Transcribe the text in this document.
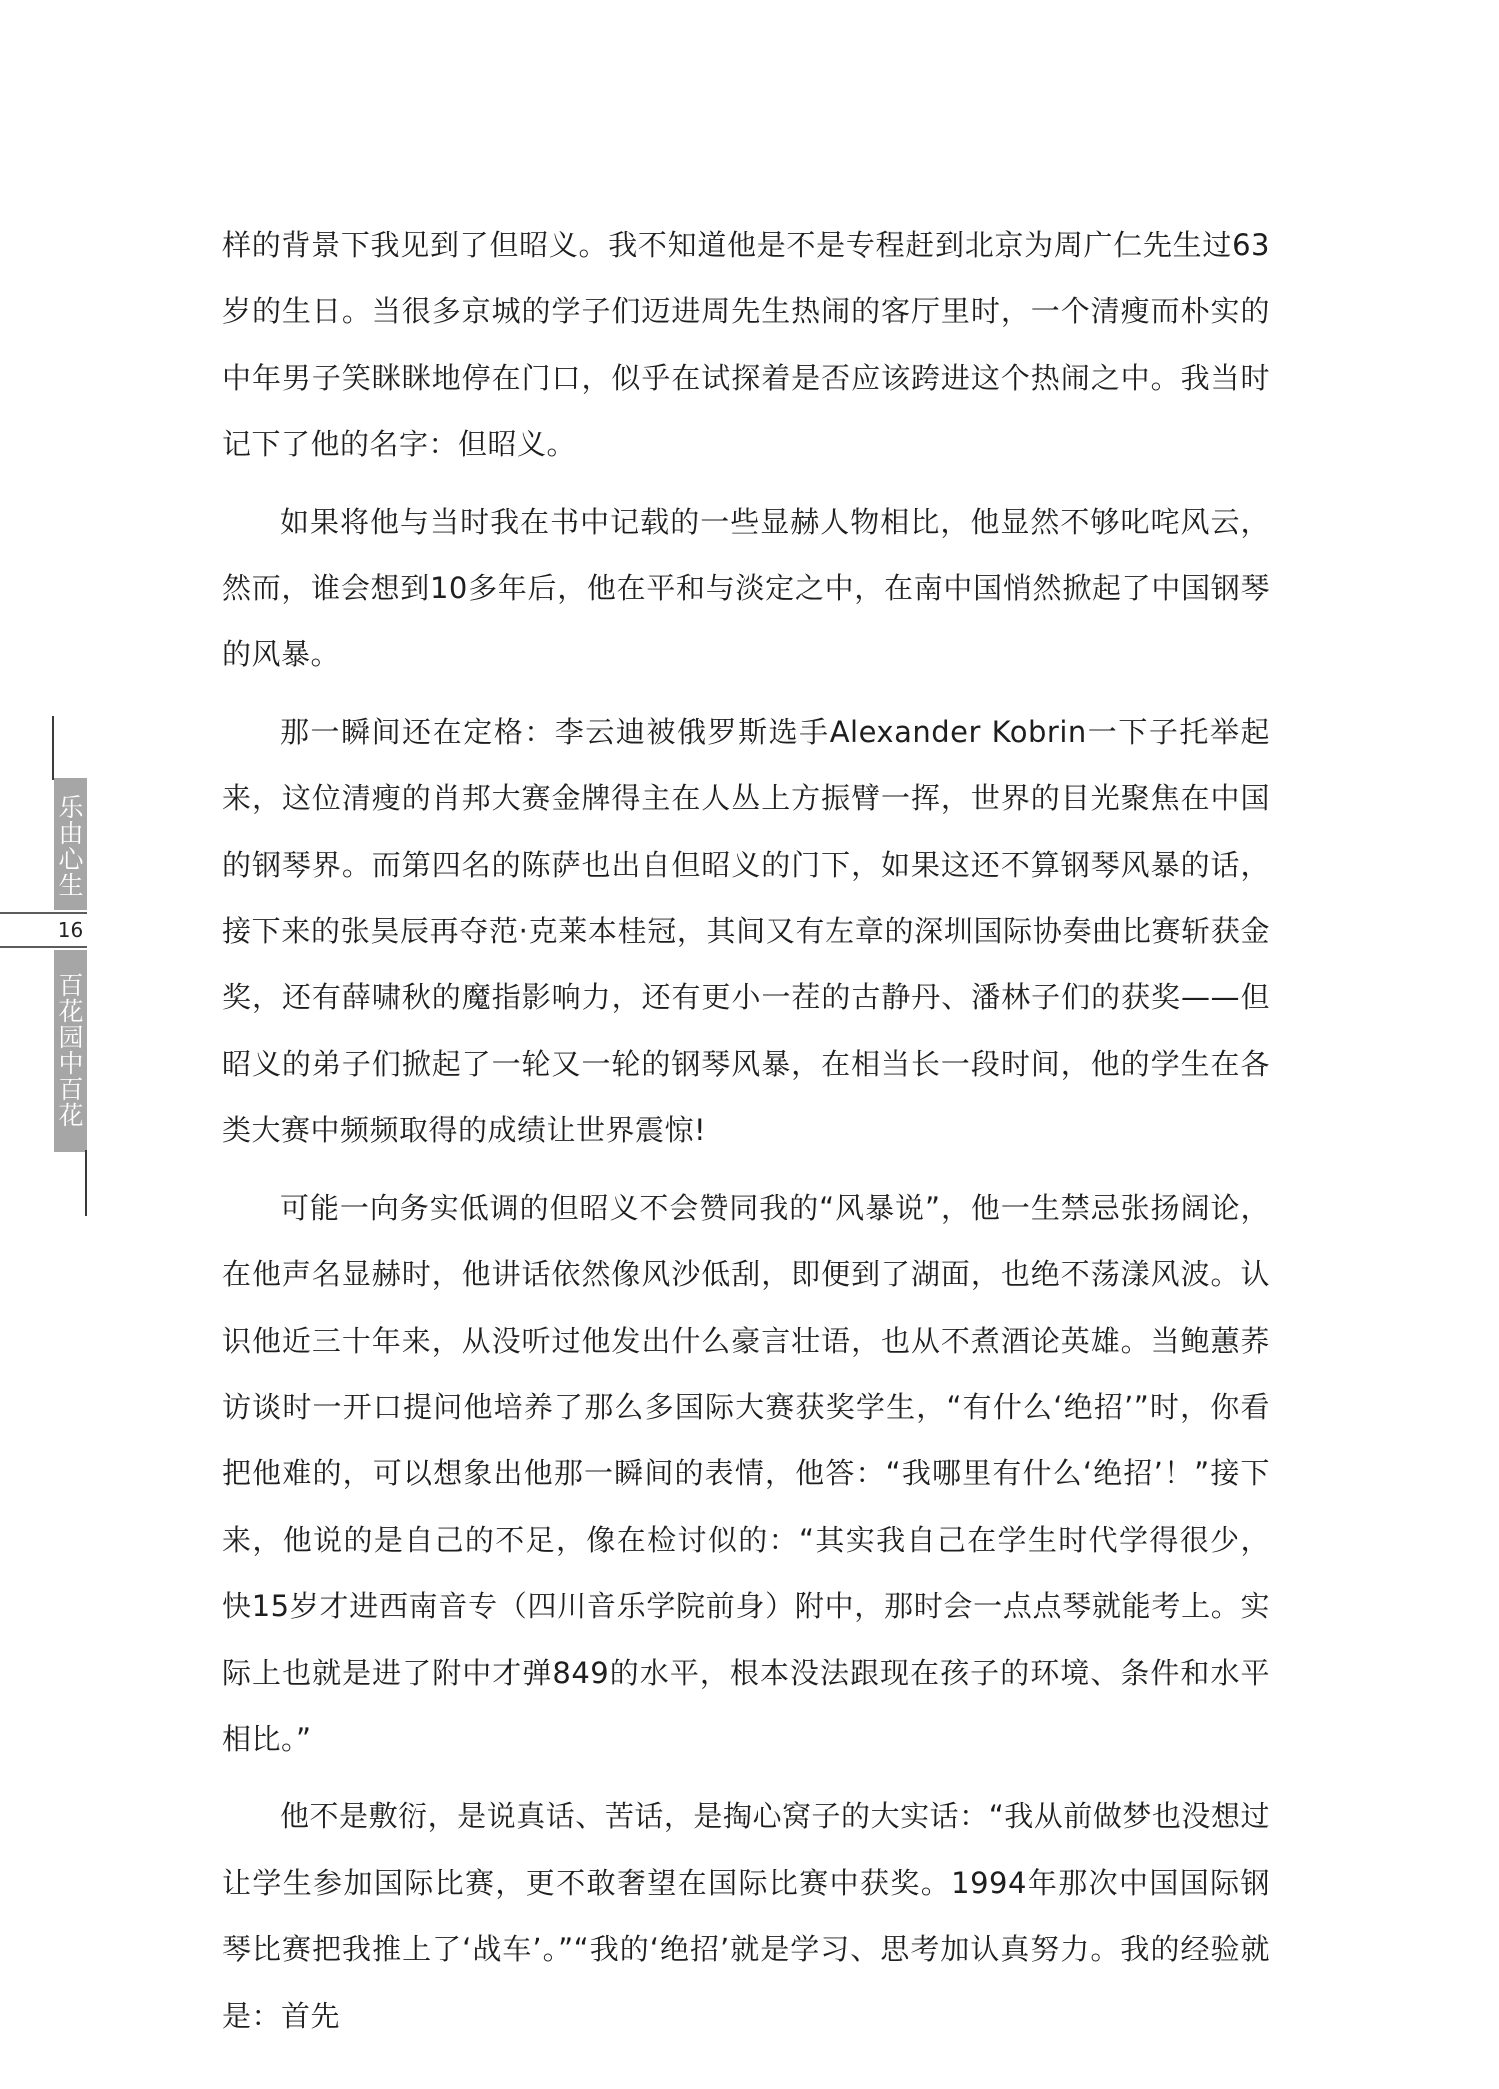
乐由心生
16
百花园中百花开

样的背景下我见到了但昭义。我不知道他是不是专程赶到北京为周广仁先生过63岁的生日。当很多京城的学子们迈进周先生热闹的客厅里时，一个清瘦而朴实的中年男子笑眯眯地停在门口，似乎在试探着是否应该跨进这个热闹之中。我当时记下了他的名字：但昭义。

如果将他与当时我在书中记载的一些显赫人物相比，他显然不够叱咤风云，然而，谁会想到10多年后，他在平和与淡定之中，在南中国悄然掀起了中国钢琴的风暴。

那一瞬间还在定格：李云迪被俄罗斯选手Alexander Kobrin一下子托举起来，这位清瘦的肖邦大赛金牌得主在人丛上方振臂一挥，世界的目光聚焦在中国的钢琴界。而第四名的陈萨也出自但昭义的门下，如果这还不算钢琴风暴的话，接下来的张昊辰再夺范·克莱本桂冠，其间又有左章的深圳国际协奏曲比赛斩获金奖，还有薛啸秋的魔指影响力，还有更小一茬的古静丹、潘林子们的获奖——但昭义的弟子们掀起了一轮又一轮的钢琴风暴，在相当长一段时间，他的学生在各类大赛中频频取得的成绩让世界震惊!

可能一向务实低调的但昭义不会赞同我的“风暴说”，他一生禁忌张扬阔论，在他声名显赫时，他讲话依然像风沙低刮，即便到了湖面，也绝不荡漾风波。认识他近三十年来，从没听过他发出什么豪言壮语，也从不煮酒论英雄。当鲍蕙荞访谈时一开口提问他培养了那么多国际大赛获奖学生，“有什么‘绝招’”时，你看把他难的，可以想象出他那一瞬间的表情，他答：“我哪里有什么‘绝招’！”接下来，他说的是自己的不足，像在检讨似的：“其实我自己在学生时代学得很少，快15岁才进西南音专（四川音乐学院前身）附中，那时会一点点琴就能考上。实际上也就是进了附中才弹849的水平，根本没法跟现在孩子的环境、条件和水平相比。”

他不是敷衍，是说真话、苦话，是掏心窝子的大实话：“我从前做梦也没想过让学生参加国际比赛，更不敢奢望在国际比赛中获奖。1994年那次中国国际钢琴比赛把我推上了‘战车’。”“我的‘绝招’就是学习、思考加认真努力。我的经验就是：首先
